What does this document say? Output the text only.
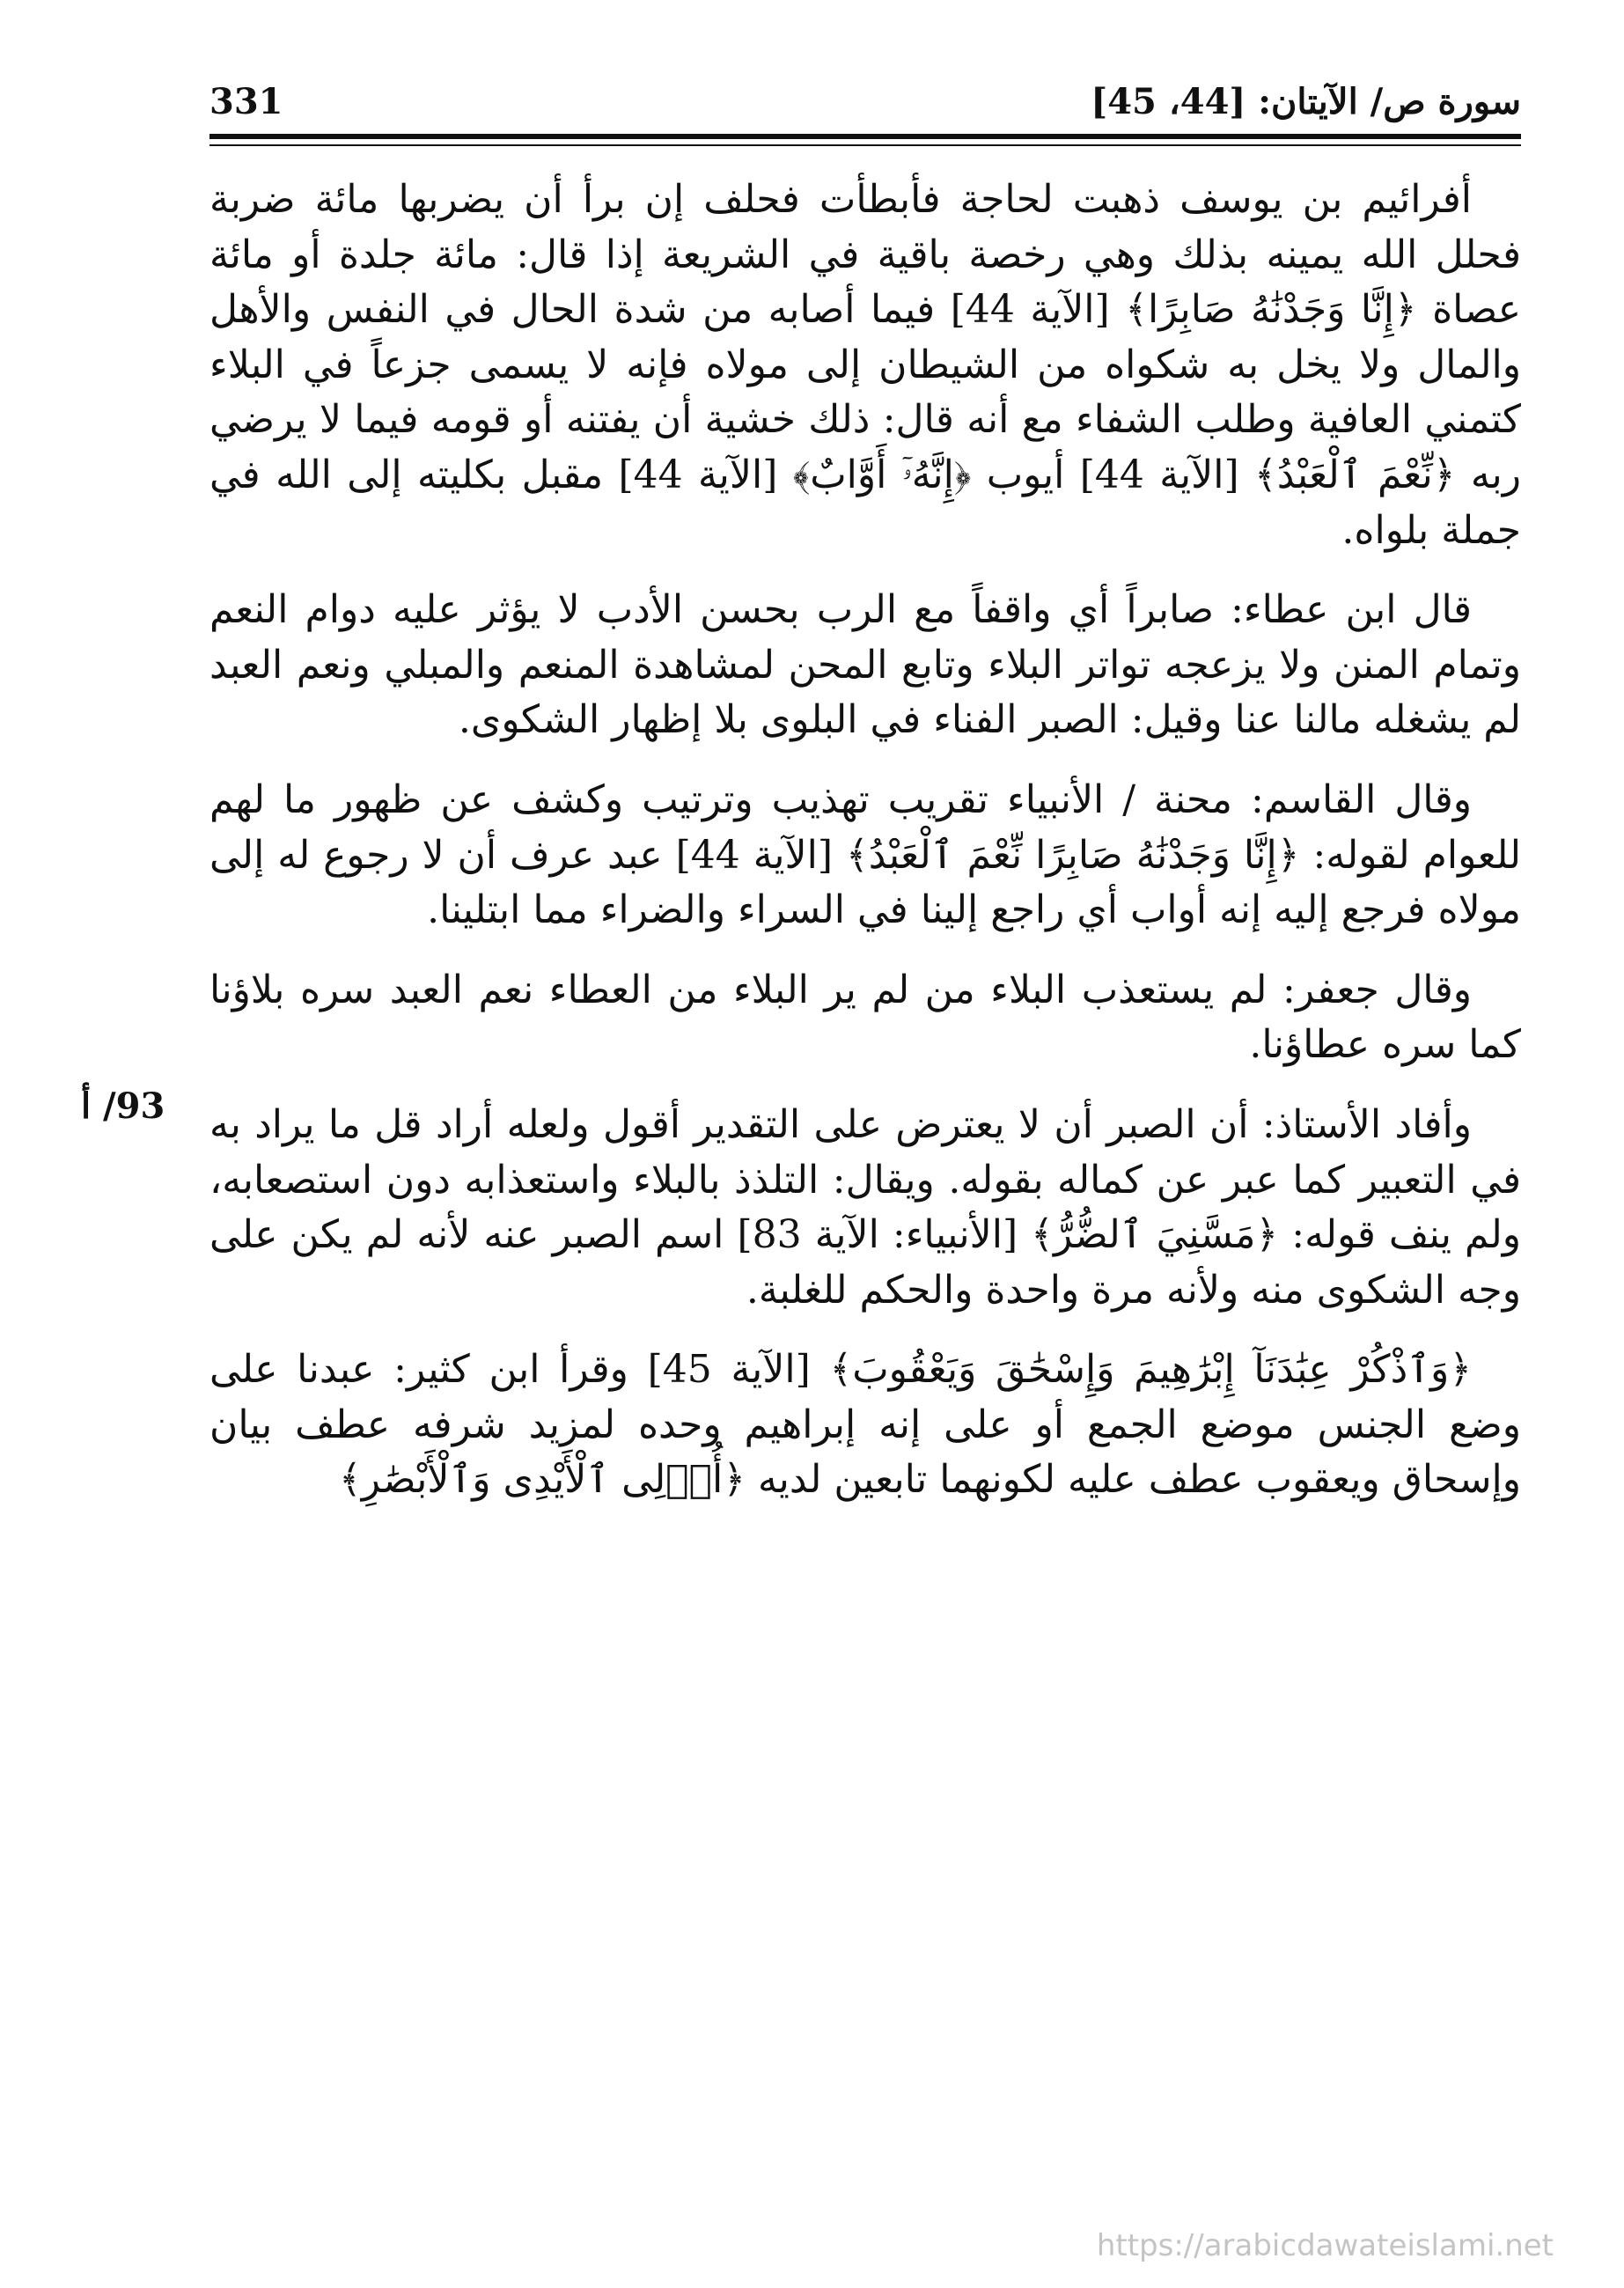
سورة ص/ الآيتان: [44، 45]
331
93/ أ

أفرائيم بن يوسف ذهبت لحاجة فأبطأت فحلف إن برأ أن يضربها مائة ضربة فحلل الله يمينه بذلك وهي رخصة باقية في الشريعة إذا قال: مائة جلدة أو مائة عصاة ﴿إِنَّا وَجَدْنَٰهُ صَابِرًا﴾ [الآية 44] فيما أصابه من شدة الحال في النفس والأهل والمال ولا يخل به شكواه من الشيطان إلى مولاه فإنه لا يسمى جزعاً في البلاء كتمني العافية وطلب الشفاء مع أنه قال: ذلك خشية أن يفتنه أو قومه فيما لا يرضي ربه ﴿نِّعْمَ ٱلْعَبْدُ﴾ [الآية 44] أيوب ﴿إِنَّهُۥٓ أَوَّابٌ﴾ [الآية 44] مقبل بكليته إلى الله في جملة بلواه.

قال ابن عطاء: صابراً أي واقفاً مع الرب بحسن الأدب لا يؤثر عليه دوام النعم وتمام المنن ولا يزعجه تواتر البلاء وتابع المحن لمشاهدة المنعم والمبلي ونعم العبد لم يشغله مالنا عنا وقيل: الصبر الفناء في البلوى بلا إظهار الشكوى.

وقال القاسم: محنة / الأنبياء تقريب تهذيب وترتيب وكشف عن ظهور ما لهم للعوام لقوله: ﴿إِنَّا وَجَدْنَٰهُ صَابِرًا نِّعْمَ ٱلْعَبْدُ﴾ [الآية 44] عبد عرف أن لا رجوع له إلى مولاه فرجع إليه إنه أواب أي راجع إلينا في السراء والضراء مما ابتلينا.

وقال جعفر: لم يستعذب البلاء من لم ير البلاء من العطاء نعم العبد سره بلاؤنا كما سره عطاؤنا.

وأفاد الأستاذ: أن الصبر أن لا يعترض على التقدير أقول ولعله أراد قل ما يراد به في التعبير كما عبر عن كماله بقوله. ويقال: التلذذ بالبلاء واستعذابه دون استصعابه، ولم ينف قوله: ﴿مَسَّنِيَ ٱلضُّرُّ﴾ [الأنبياء: الآية 83] اسم الصبر عنه لأنه لم يكن على وجه الشكوى منه ولأنه مرة واحدة والحكم للغلبة.

﴿وَٱذْكُرْ عِبَٰدَنَآ إِبْرَٰهِيمَ وَإِسْحَٰقَ وَيَعْقُوبَ﴾ [الآية 45] وقرأ ابن كثير: عبدنا على وضع الجنس موضع الجمع أو على إنه إبراهيم وحده لمزيد شرفه عطف بيان وإسحاق ويعقوب عطف عليه لكونهما تابعين لديه ﴿أُو۟لِى ٱلْأَيْدِى وَٱلْأَبْصَٰرِ﴾

https://arabicdawateislami.net
